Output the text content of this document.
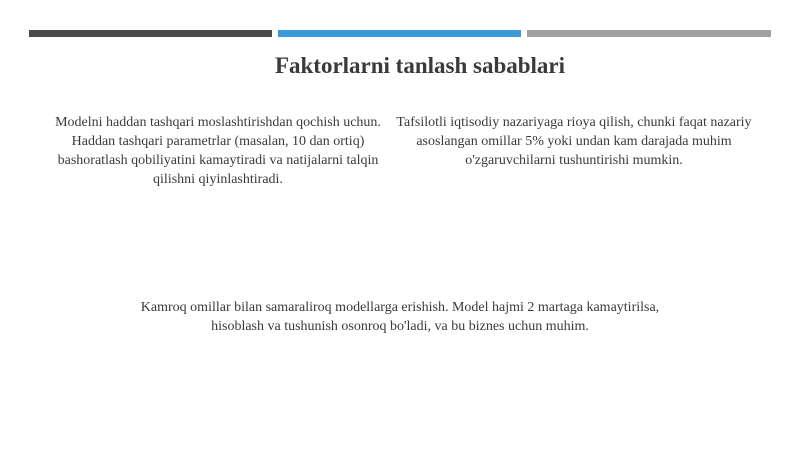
Faktorlarni tanlash sabablari
Modelni haddan tashqari moslashtirishdan qochish uchun. Haddan tashqari parametrlar (masalan, 10 dan ortiq) bashoratlash qobiliyatini kamaytiradi va natijalarni talqin qilishni qiyinlashtiradi.
Tafsilotli iqtisodiy nazariyaga rioya qilish, chunki faqat nazariy asoslangan omillar 5% yoki undan kam darajada muhim o'zgaruvchilarni tushuntirishi mumkin.
Kamroq omillar bilan samaraliroq modellarga erishish. Model hajmi 2 martaga kamaytirilsa, hisoblash va tushunish osonroq bo'ladi, va bu biznes uchun muhim.
